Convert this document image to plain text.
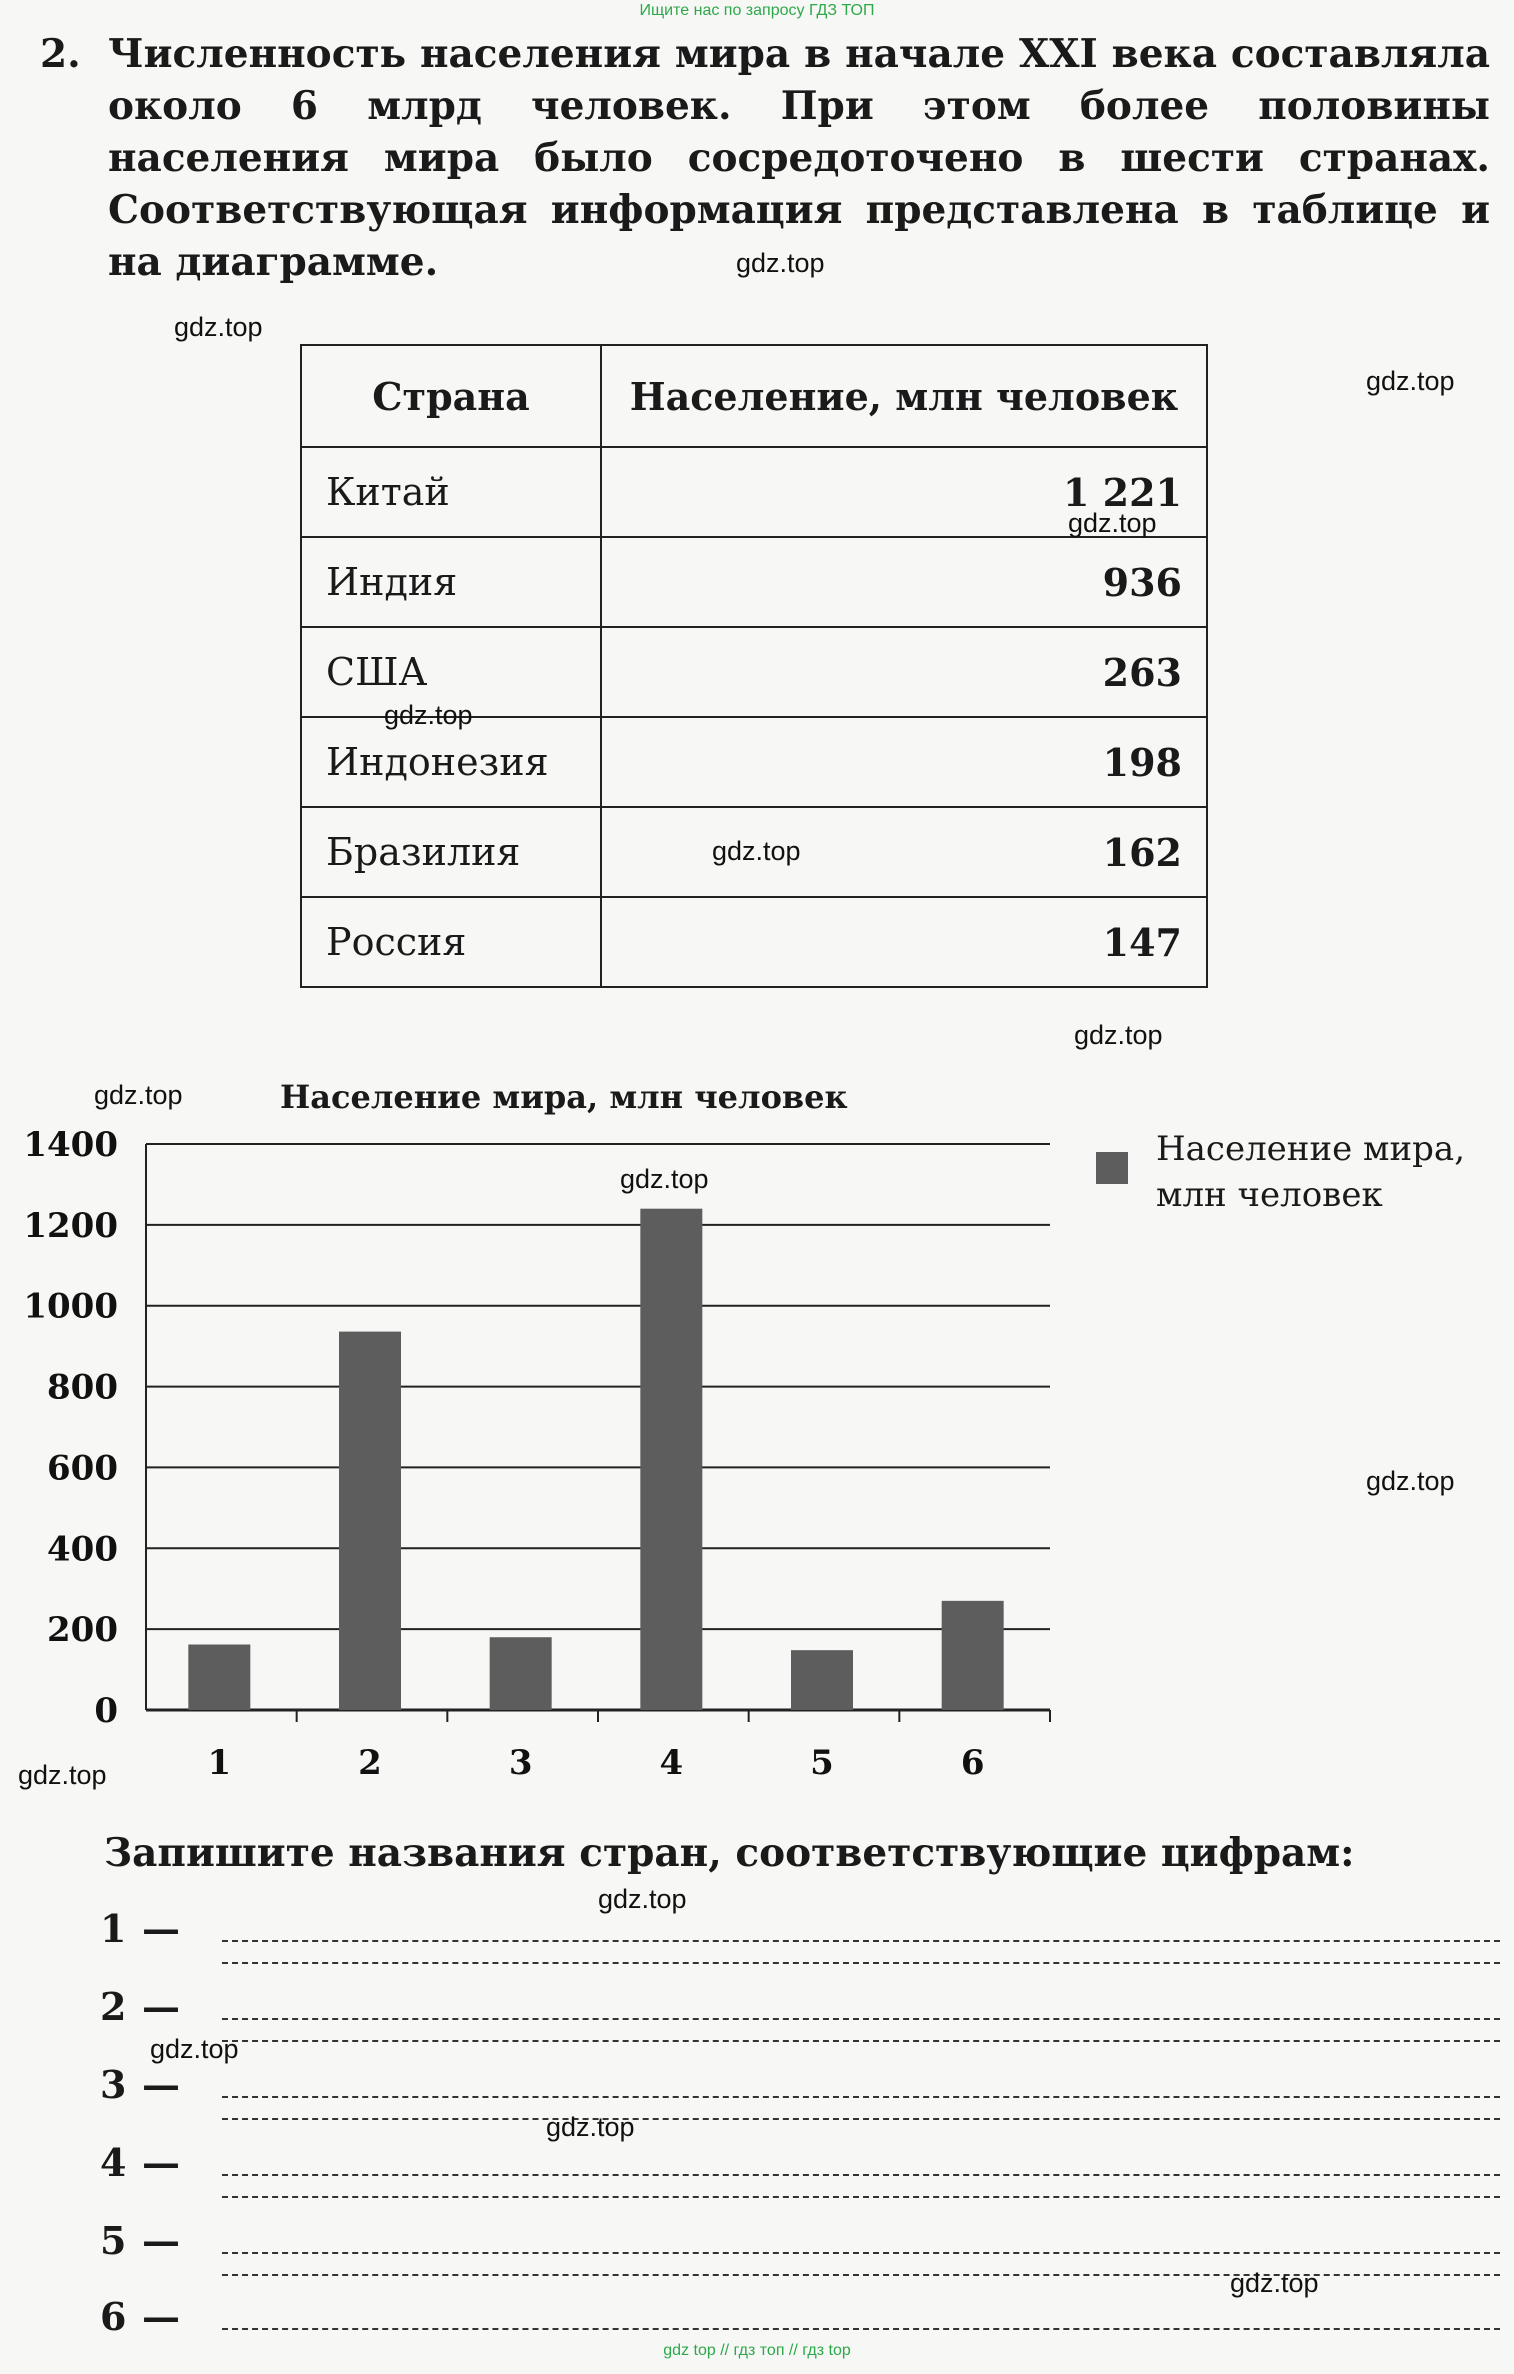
Ищите нас по запросу ГДЗ ТОП
2. Численность населения мира в начале XXI века составляла около 6 млрд человек. При этом более половины населения мира было сосредоточено в шести странах. Соответствующая информация представлена в таблице и на диаграмме.
Страна	Население, млн человек
Китай	1 221
Индия	936
США	263
Индонезия	198
Бразилия	162
Россия	147
Население мира, млн человек
0
200
400
600
800
1000
1200
1400
1	2	3	4	5	6
Население мира,
млн человек
Запишите названия стран, соответствующие цифрам:
1 —
2 —
3 —
4 —
5 —
6 —
gdz.top
gdz.top
gdz.top
gdz.top
gdz.top
gdz.top
gdz.top
gdz.top
gdz.top
gdz.top
gdz.top
gdz.top
gdz.top
gdz.top
gdz.top
gdz top // гдз топ // гдз top
